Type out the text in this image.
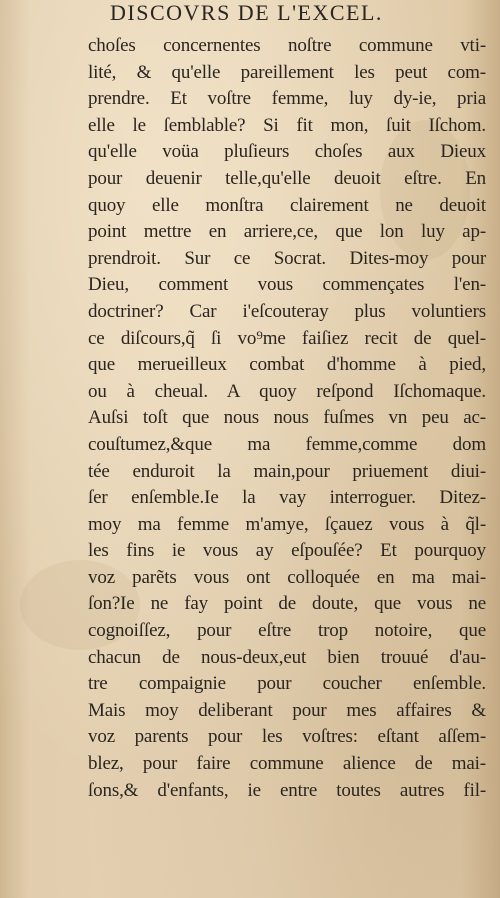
DISCOVRS DE L'EXCEL.
choſes concernentes noſtre commune vti-
lité, & qu'elle pareillement les peut com-
prendre. Et voſtre femme, luy dy-ie, pria
elle le ſemblable? Si fit mon, ſuit Iſchom.
qu'elle voüa pluſieurs choſes aux Dieux
pour deuenir telle,qu'elle deuoit eſtre. En
quoy elle monſtra clairement ne deuoit
point mettre en arriere,ce, que lon luy ap-
prendroit. Sur ce Socrat. Dites-moy pour
Dieu, comment vous commençates l'en-
doctriner? Car i'eſcouteray plus voluntiers
ce diſcours,q̃ ſi vo⁹me faiſiez recit de quel-
que merueilleux combat d'homme à pied,
ou à cheual. A quoy reſpond Iſchomaque.
Auſsi toſt que nous nous fuſmes vn peu ac-
couſtumez,&que ma femme,comme dom
tée enduroit la main,pour priuement diui-
ſer enſemble.Ie la vay interroguer. Ditez-
moy ma femme m'amye, ſçauez vous à q̃l-
les fins ie vous ay eſpouſée? Et pourquoy
voz parẽts vous ont colloquée en ma mai-
ſon?Ie ne fay point de doute, que vous ne
cognoiſſez, pour eſtre trop notoire, que
chacun de nous-deux,eut bien trouué d'au-
tre compaignie pour coucher enſemble.
Mais moy deliberant pour mes affaires &
voz parents pour les voſtres: eſtant aſſem-
blez, pour faire commune alience de mai-
ſons,& d'enfants, ie entre toutes autres fil-
